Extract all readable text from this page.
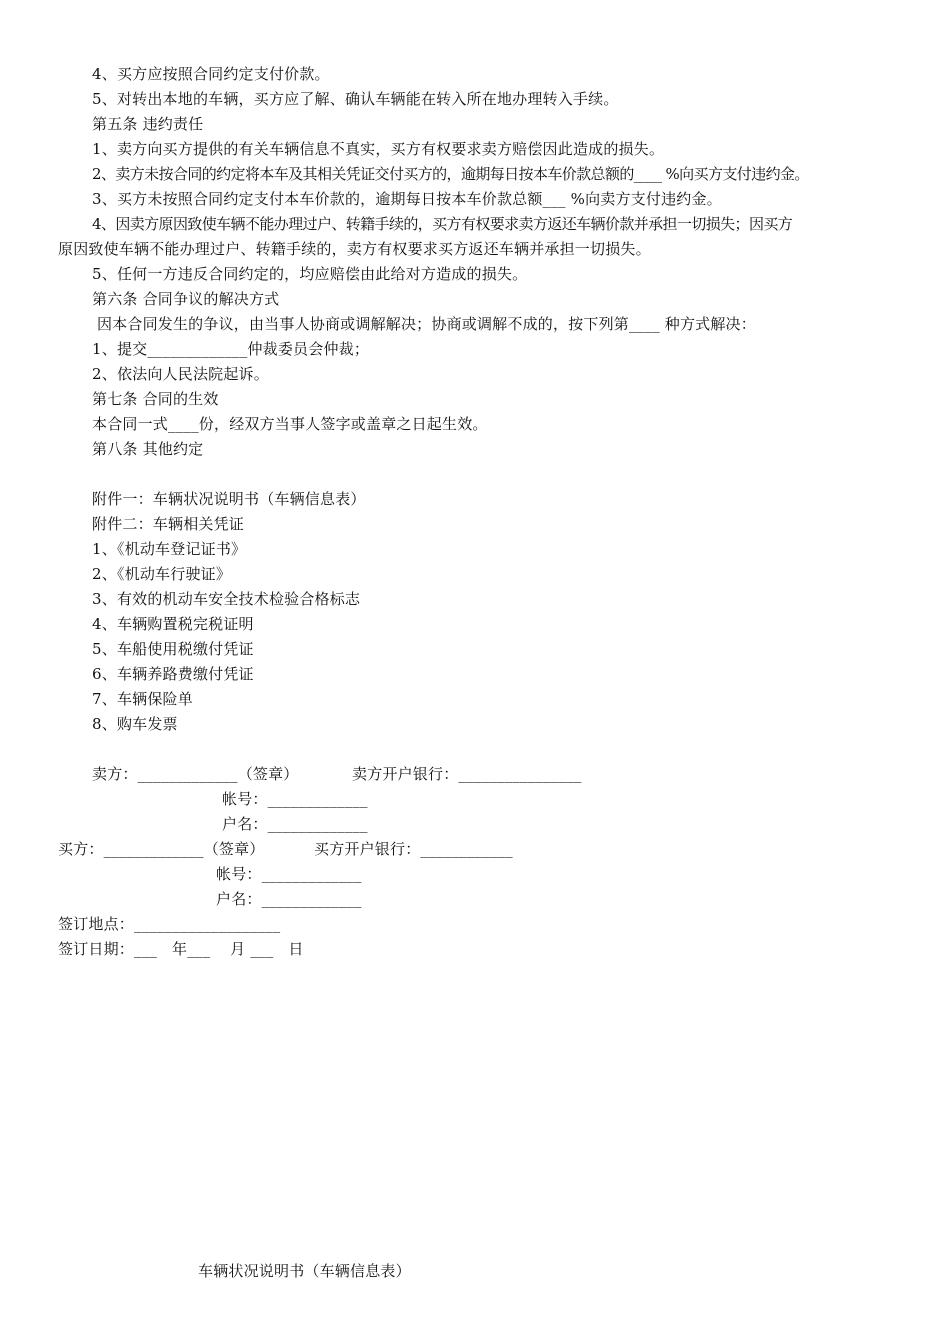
4、买方应按照合同约定支付价款。
5、对转出本地的车辆，买方应了解、确认车辆能在转入所在地办理转入手续。
第五条 违约责任
1、卖方向买方提供的有关车辆信息不真实，买方有权要求卖方赔偿因此造成的损失。
2、卖方未按合同的约定将本车及其相关凭证交付买方的，逾期每日按本车价款总额的____ %向买方支付违约金。
3、买方未按照合同约定支付本车价款的，逾期每日按本车价款总额___ %向卖方支付违约金。
4、因卖方原因致使车辆不能办理过户、转籍手续的，买方有权要求卖方返还车辆价款并承担一切损失；因买方
原因致使车辆不能办理过户、转籍手续的，卖方有权要求买方返还车辆并承担一切损失。
5、任何一方违反合同约定的，均应赔偿由此给对方造成的损失。
第六条 合同争议的解决方式
因本合同发生的争议，由当事人协商或调解解决；协商或调解不成的，按下列第____ 种方式解决：
1、提交_____________仲裁委员会仲裁；
2、依法向人民法院起诉。
第七条 合同的生效
本合同一式____份，经双方当事人签字或盖章之日起生效。
第八条 其他约定
附件一：车辆状况说明书（车辆信息表）
附件二：车辆相关凭证
1、《机动车登记证书》
2、《机动车行驶证》
3、有效的机动车安全技术检验合格标志
4、车辆购置税完税证明
5、车船使用税缴付凭证
6、车辆养路费缴付凭证
7、车辆保险单
8、购车发票
卖方：_____________（签章）	卖方开户银行：________________
帐号：_____________
户名：_____________
买方：_____________（签章）	买方开户银行：____________
帐号：_____________
户名：_____________
签订地点：___________________
签订日期：___   年___    月 ___   日
车辆状况说明书（车辆信息表）
